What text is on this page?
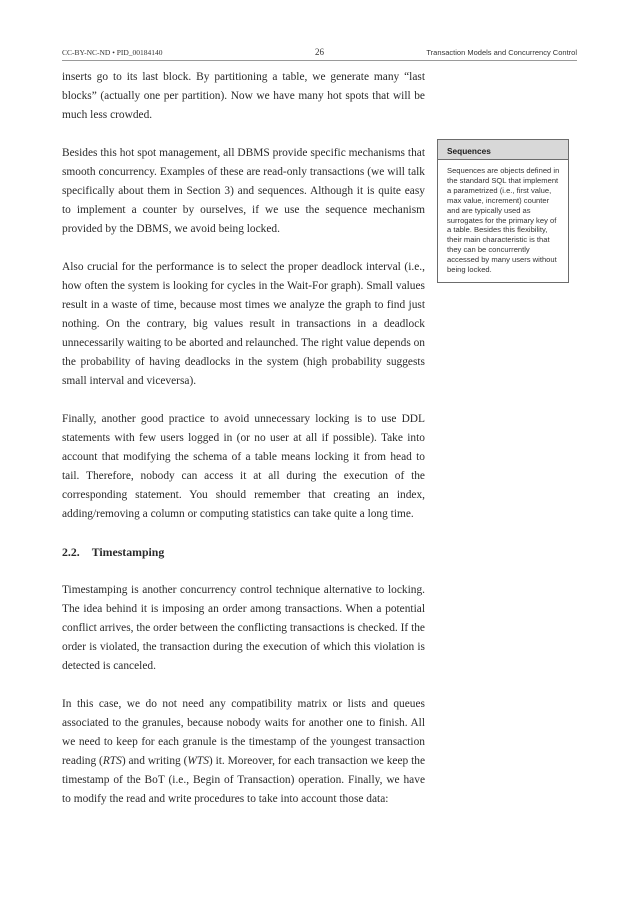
CC-BY-NC-ND • PID_00184140	26	Transaction Models and Concurrency Control

inserts go to its last block. By partitioning a table, we generate many “last blocks” (actually one per partition). Now we have many hot spots that will be much less crowded.

Besides this hot spot management, all DBMS provide specific mechanisms that smooth concurrency. Examples of these are read-only transactions (we will talk specifically about them in Section 3) and sequences. Although it is quite easy to implement a counter by ourselves, if we use the sequence mechanism provided by the DBMS, we avoid being locked.

Also crucial for the performance is to select the proper deadlock interval (i.e., how often the system is looking for cycles in the Wait-For graph). Small values result in a waste of time, because most times we analyze the graph to find just nothing. On the contrary, big values result in transactions in a deadlock unnecessarily waiting to be aborted and relaunched. The right value depends on the probability of having deadlocks in the system (high probability suggests small interval and viceversa).

Finally, another good practice to avoid unnecessary locking is to use DDL statements with few users logged in (or no user at all if possible). Take into account that modifying the schema of a table means locking it from head to tail. Therefore, nobody can access it at all during the execution of the corresponding statement. You should remember that creating an index, adding/removing a column or computing statistics can take quite a long time.

2.2. Timestamping

Timestamping is another concurrency control technique alternative to locking. The idea behind it is imposing an order among transactions. When a potential conflict arrives, the order between the conflicting transactions is checked. If the order is violated, the transaction during the execution of which this violation is detected is canceled.

In this case, we do not need any compatibility matrix or lists and queues associated to the granules, because nobody waits for another one to finish. All we need to keep for each granule is the timestamp of the youngest transaction reading (RTS) and writing (WTS) it. Moreover, for each transaction we keep the timestamp of the BoT (i.e., Begin of Transaction) operation. Finally, we have to modify the read and write procedures to take into account those data:

Sequences
Sequences are objects defined in the standard SQL that implement a parametrized (i.e., first value, max value, increment) counter and are typically used as surrogates for the primary key of a table. Besides this flexibility, their main characteristic is that they can be concurrently accessed by many users without being locked.
